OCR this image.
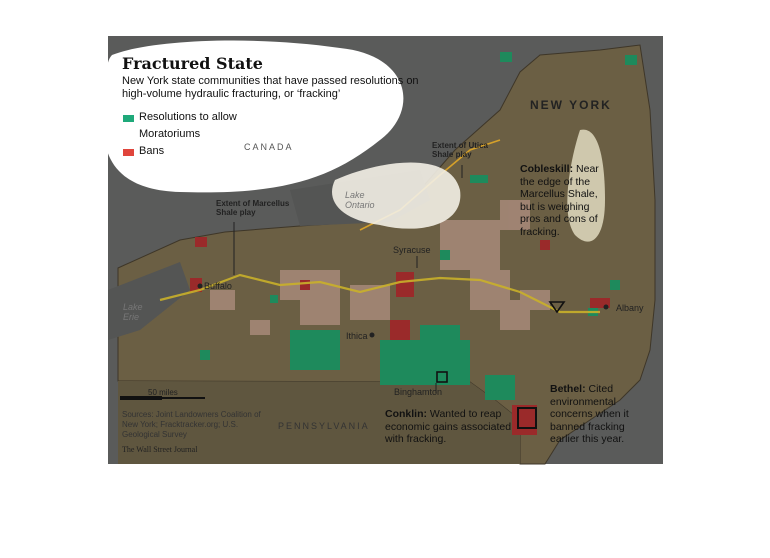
Fractured State
New York state communities that have passed resolutions on high-volume hydraulic fracturing, or ‘fracking’
Resolutions to allow
Moratoriums
Bans	CANADA
NEW YORK
PENNSYLVANIA
Lake Ontario
Lake Erie
Extent of Marcellus Shale play
Extent of Utica Shale play
Buffalo
Syracuse
Ithica
Binghamton
Albany
Cobleskill: Near the edge of the Marcellus Shale, but is weighing pros and cons of fracking.
Conklin: Wanted to reap economic gains associated with fracking.
Bethel: Cited environmental concerns when it banned fracking earlier this year.
50 miles
Sources: Joint Landowners Coalition of New York; Fracktracker.org; U.S. Geological Survey
The Wall Street Journal
